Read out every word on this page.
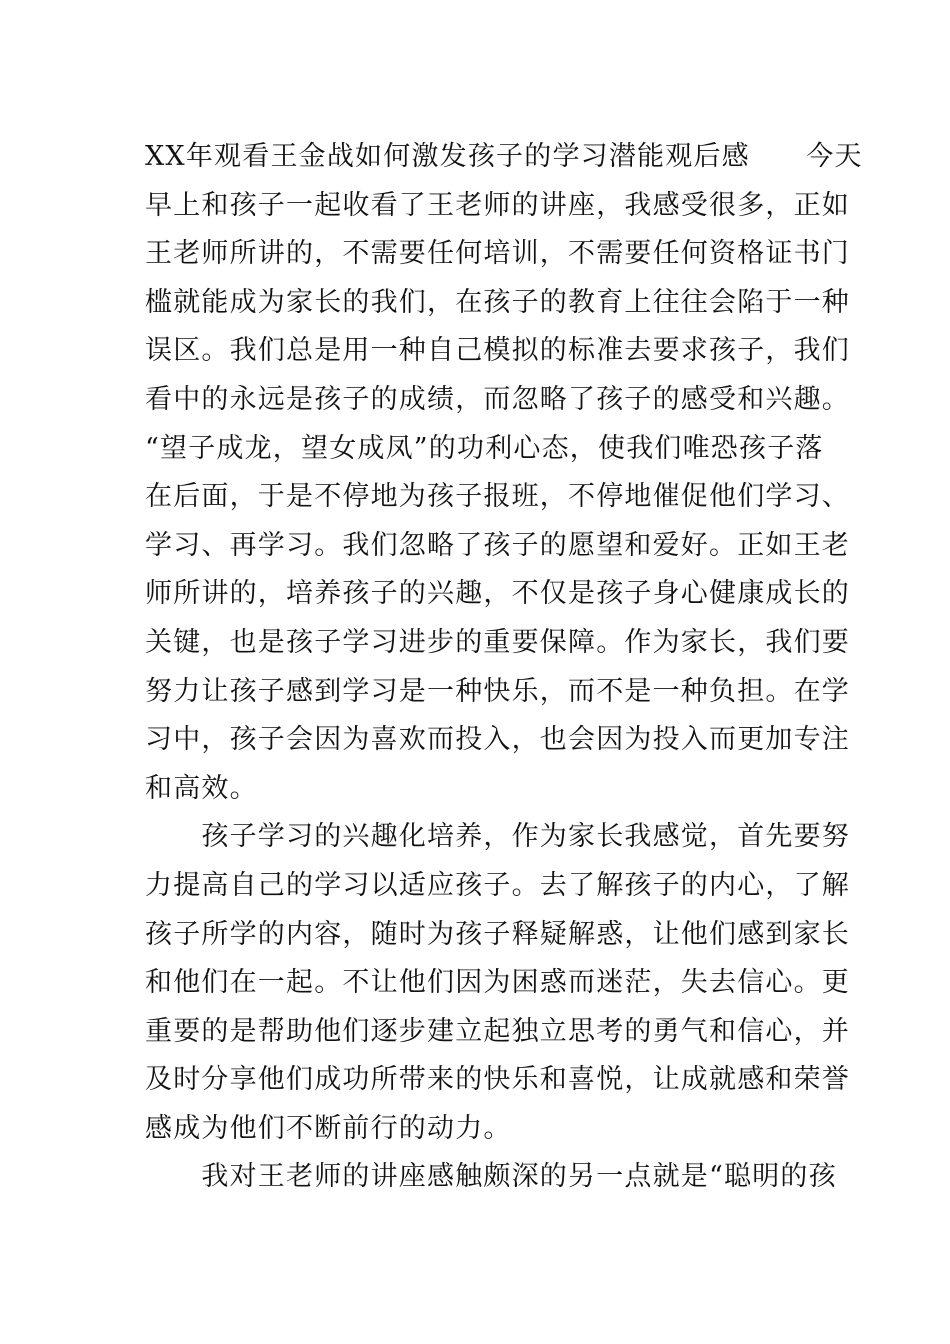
XX年观看王金战如何激发孩子的学习潜能观后感　　今天
早上和孩子一起收看了王老师的讲座，我感受很多，正如
王老师所讲的，不需要任何培训，不需要任何资格证书门
槛就能成为家长的我们，在孩子的教育上往往会陷于一种
误区。我们总是用一种自己模拟的标准去要求孩子，我们
看中的永远是孩子的成绩，而忽略了孩子的感受和兴趣。
“望子成龙，望女成凤”的功利心态，使我们唯恐孩子落
在后面，于是不停地为孩子报班，不停地催促他们学习、
学习、再学习。我们忽略了孩子的愿望和爱好。正如王老
师所讲的，培养孩子的兴趣，不仅是孩子身心健康成长的
关键，也是孩子学习进步的重要保障。作为家长，我们要
努力让孩子感到学习是一种快乐，而不是一种负担。在学
习中，孩子会因为喜欢而投入，也会因为投入而更加专注
和高效。
　　孩子学习的兴趣化培养，作为家长我感觉，首先要努
力提高自己的学习以适应孩子。去了解孩子的内心，了解
孩子所学的内容，随时为孩子释疑解惑，让他们感到家长
和他们在一起。不让他们因为困惑而迷茫，失去信心。更
重要的是帮助他们逐步建立起独立思考的勇气和信心，并
及时分享他们成功所带来的快乐和喜悦，让成就感和荣誉
感成为他们不断前行的动力。
　　我对王老师的讲座感触颇深的另一点就是“聪明的孩
